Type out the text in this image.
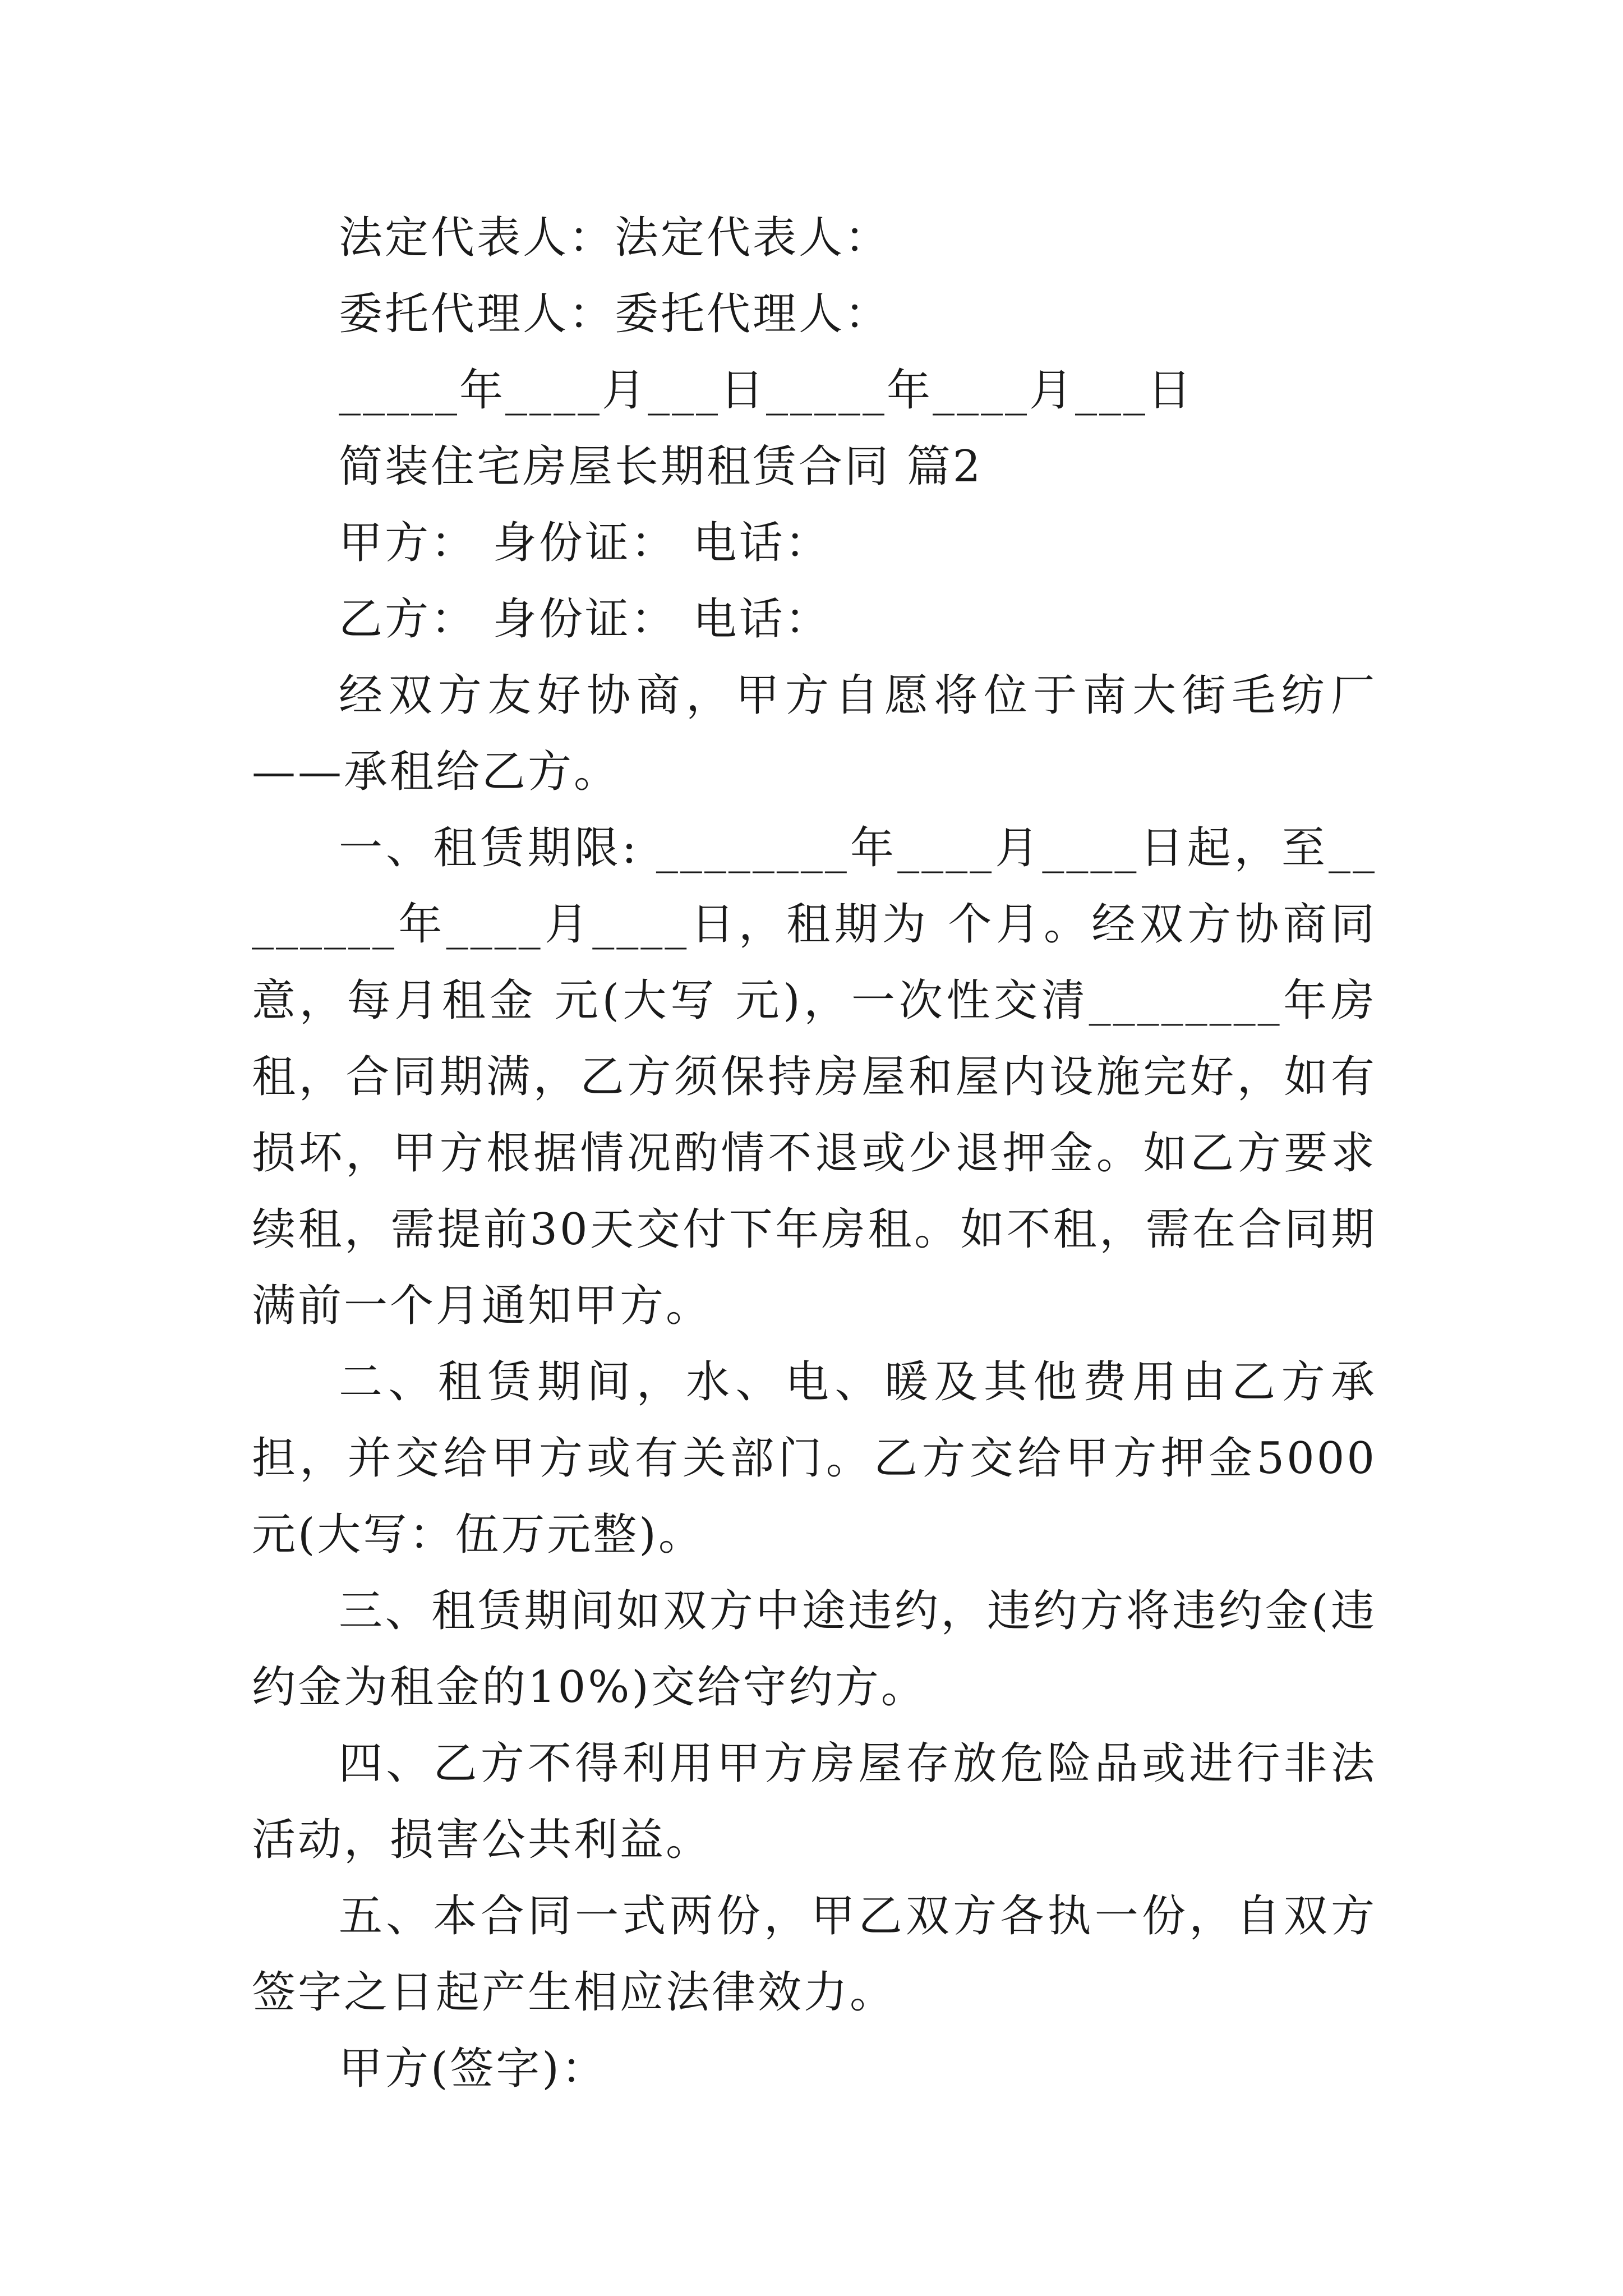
法定代表人：法定代表人：

委托代理人：委托代理人：

_____年____月___日_____年____月___日

简装住宅房屋长期租赁合同 篇2

甲方： 身份证： 电话：

乙方： 身份证： 电话：

经双方友好协商，甲方自愿将位于南大街毛纺厂——承租给乙方。

一、租赁期限: ________年____月____日起，至________年____月____日，租期为 个月。经双方协商同意，每月租金 元(大写 元)，一次性交清________年房租，合同期满，乙方须保持房屋和屋内设施完好，如有损坏，甲方根据情况酌情不退或少退押金。如乙方要求续租，需提前30天交付下年房租。如不租，需在合同期满前一个月通知甲方。

二、租赁期间，水、电、暖及其他费用由乙方承担，并交给甲方或有关部门。乙方交给甲方押金5000元(大写：伍万元整)。

三、租赁期间如双方中途违约，违约方将违约金(违约金为租金的10%)交给守约方。

四、乙方不得利用甲方房屋存放危险品或进行非法活动，损害公共利益。

五、本合同一式两份，甲乙双方各执一份，自双方签字之日起产生相应法律效力。

甲方(签字)：
